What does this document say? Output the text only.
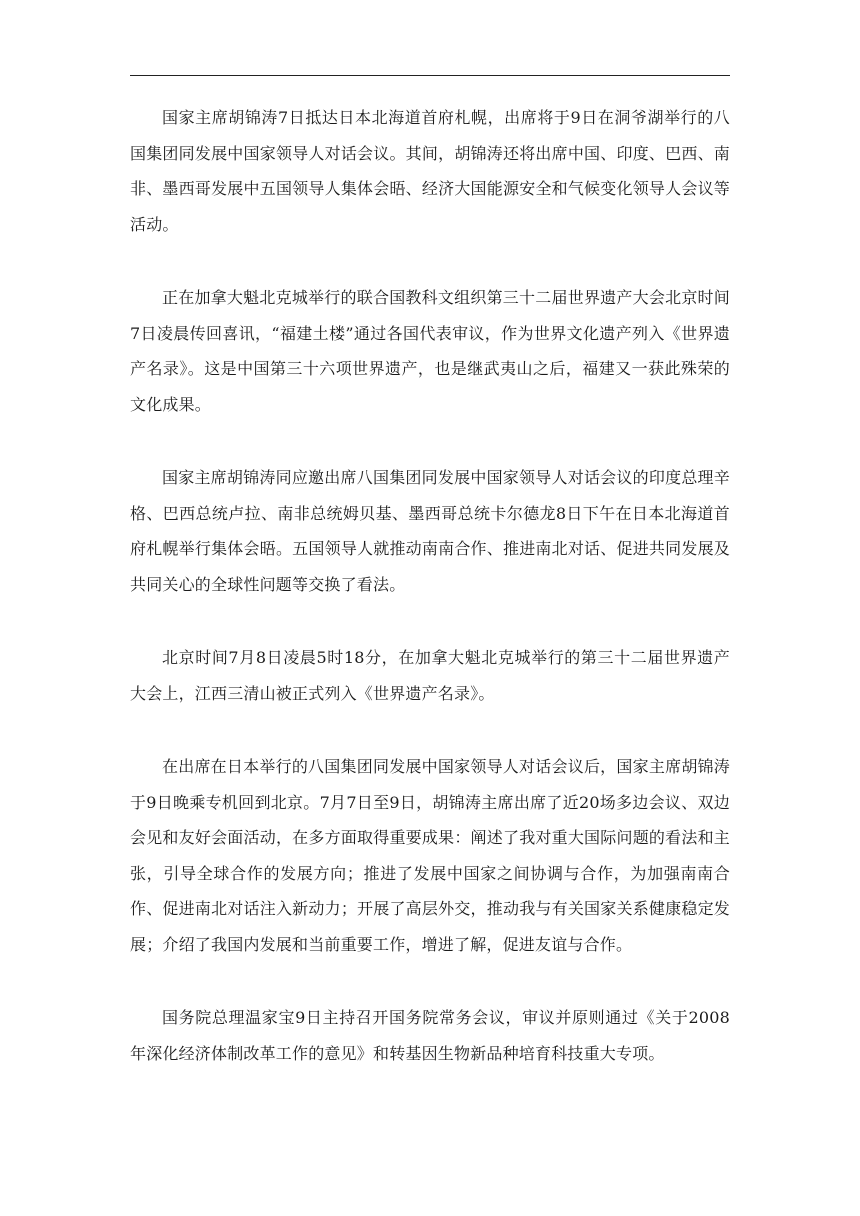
国家主席胡锦涛7日抵达日本北海道首府札幌，出席将于9日在洞爷湖举行的八国集团同发展中国家领导人对话会议。其间，胡锦涛还将出席中国、印度、巴西、南非、墨西哥发展中五国领导人集体会晤、经济大国能源安全和气候变化领导人会议等活动。

正在加拿大魁北克城举行的联合国教科文组织第三十二届世界遗产大会北京时间7日凌晨传回喜讯，“福建土楼”通过各国代表审议，作为世界文化遗产列入《世界遗产名录》。这是中国第三十六项世界遗产，也是继武夷山之后，福建又一获此殊荣的文化成果。

国家主席胡锦涛同应邀出席八国集团同发展中国家领导人对话会议的印度总理辛格、巴西总统卢拉、南非总统姆贝基、墨西哥总统卡尔德龙8日下午在日本北海道首府札幌举行集体会晤。五国领导人就推动南南合作、推进南北对话、促进共同发展及共同关心的全球性问题等交换了看法。

北京时间7月8日凌晨5时18分，在加拿大魁北克城举行的第三十二届世界遗产大会上，江西三清山被正式列入《世界遗产名录》。

在出席在日本举行的八国集团同发展中国家领导人对话会议后，国家主席胡锦涛于9日晚乘专机回到北京。7月7日至9日，胡锦涛主席出席了近20场多边会议、双边会见和友好会面活动，在多方面取得重要成果：阐述了我对重大国际问题的看法和主张，引导全球合作的发展方向；推进了发展中国家之间协调与合作，为加强南南合作、促进南北对话注入新动力；开展了高层外交，推动我与有关国家关系健康稳定发展；介绍了我国内发展和当前重要工作，增进了解，促进友谊与合作。

国务院总理温家宝9日主持召开国务院常务会议，审议并原则通过《关于2008年深化经济体制改革工作的意见》和转基因生物新品种培育科技重大专项。
